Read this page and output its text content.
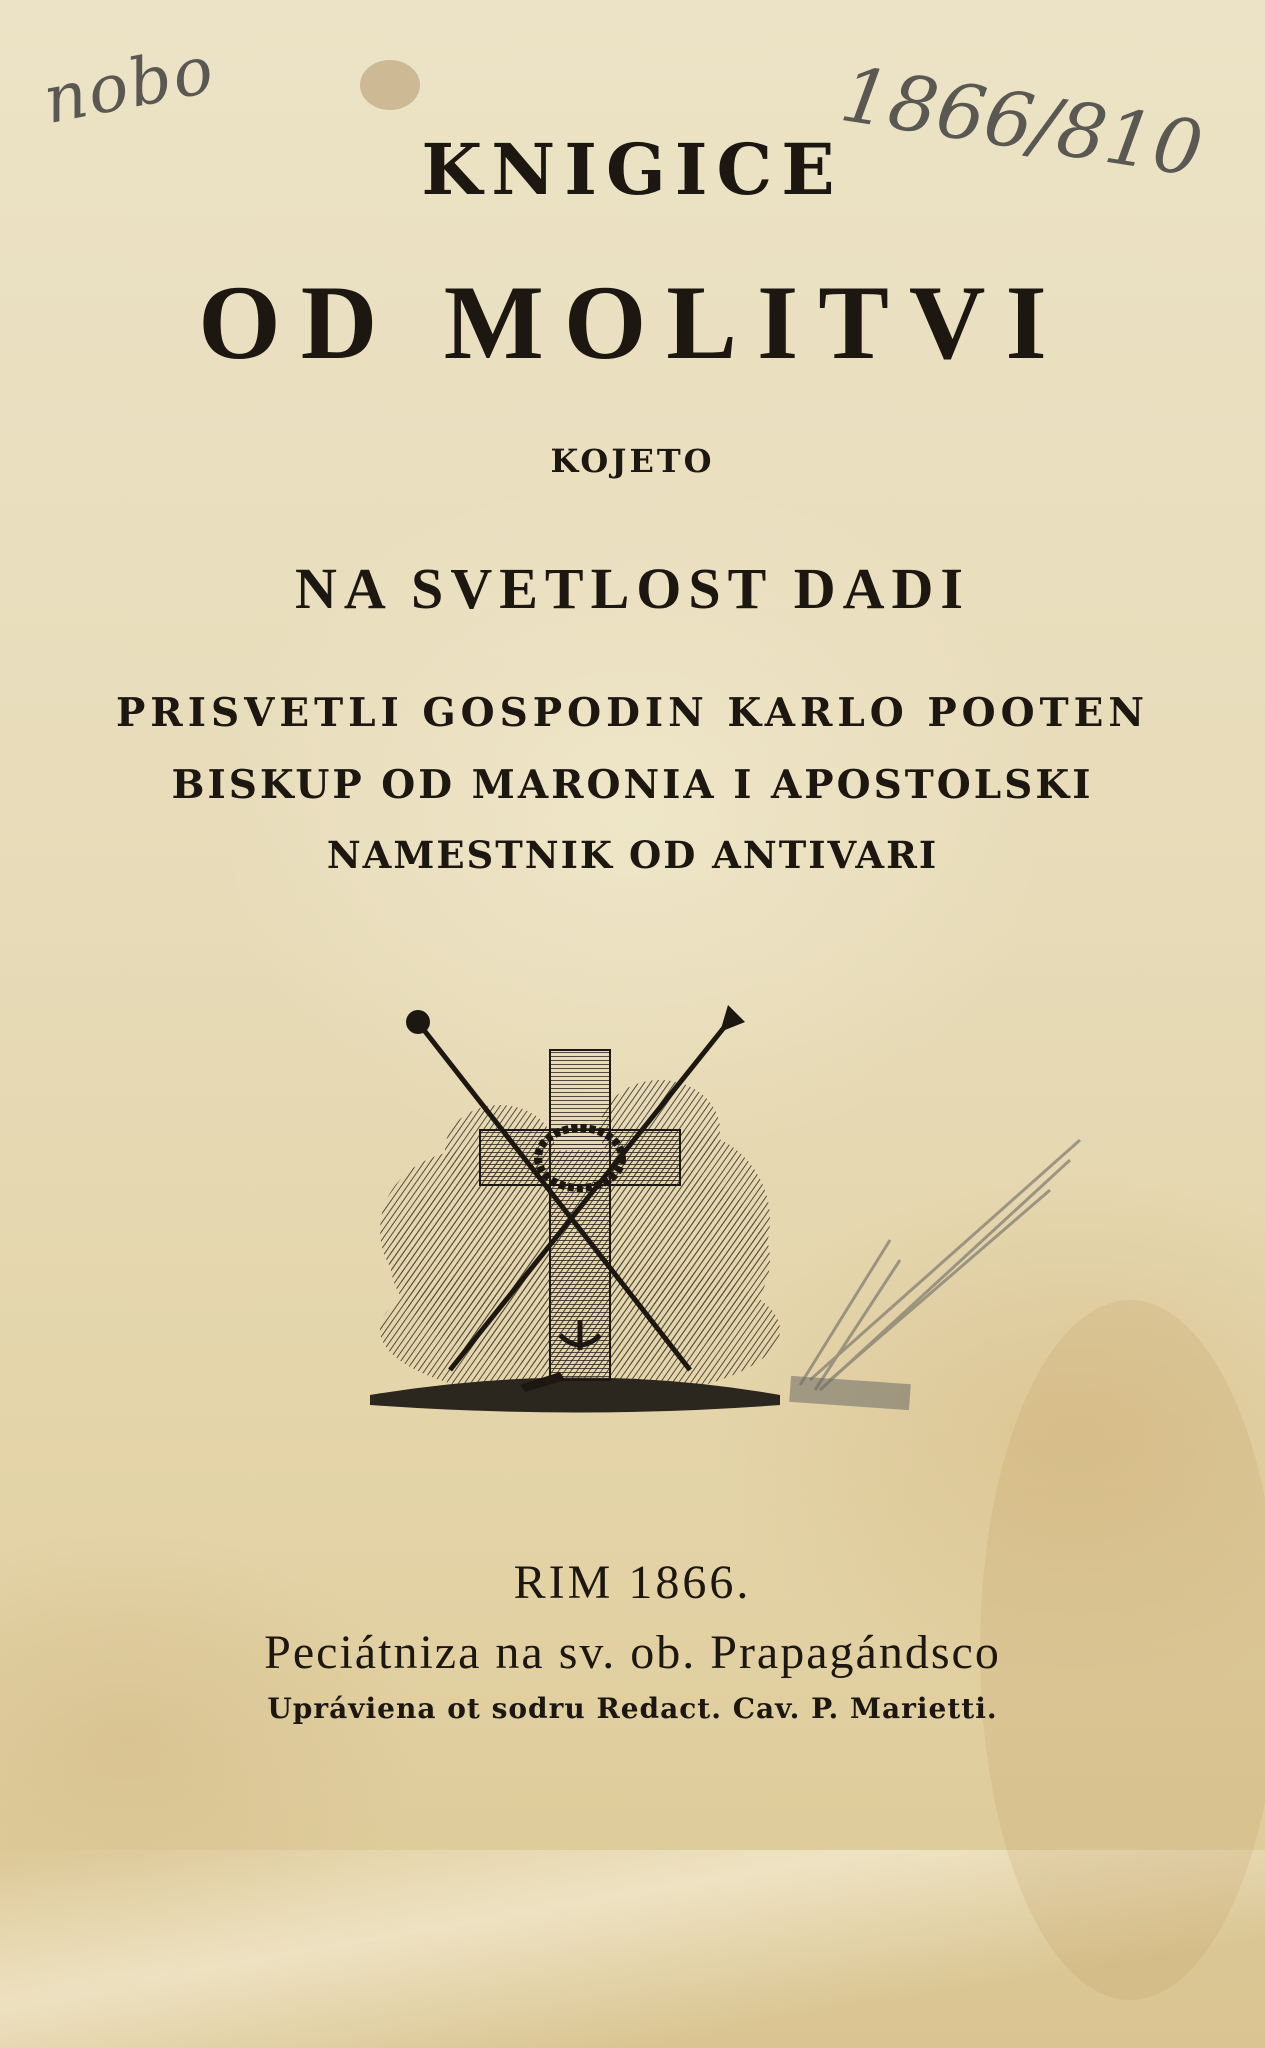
nobo	1866/810
KNIGICE
OD MOLITVI
KOJETO
NA SVETLOST DADI
PRISVETLI GOSPODIN KARLO POOTEN
BISKUP OD MARONIA I APOSTOLSKI
NAMESTNIK OD ANTIVARI
RIM 1866.
Peciátniza na sv. ob. Prapagándsco
Upráviena ot sodru Redact. Cav. P. Marietti.
